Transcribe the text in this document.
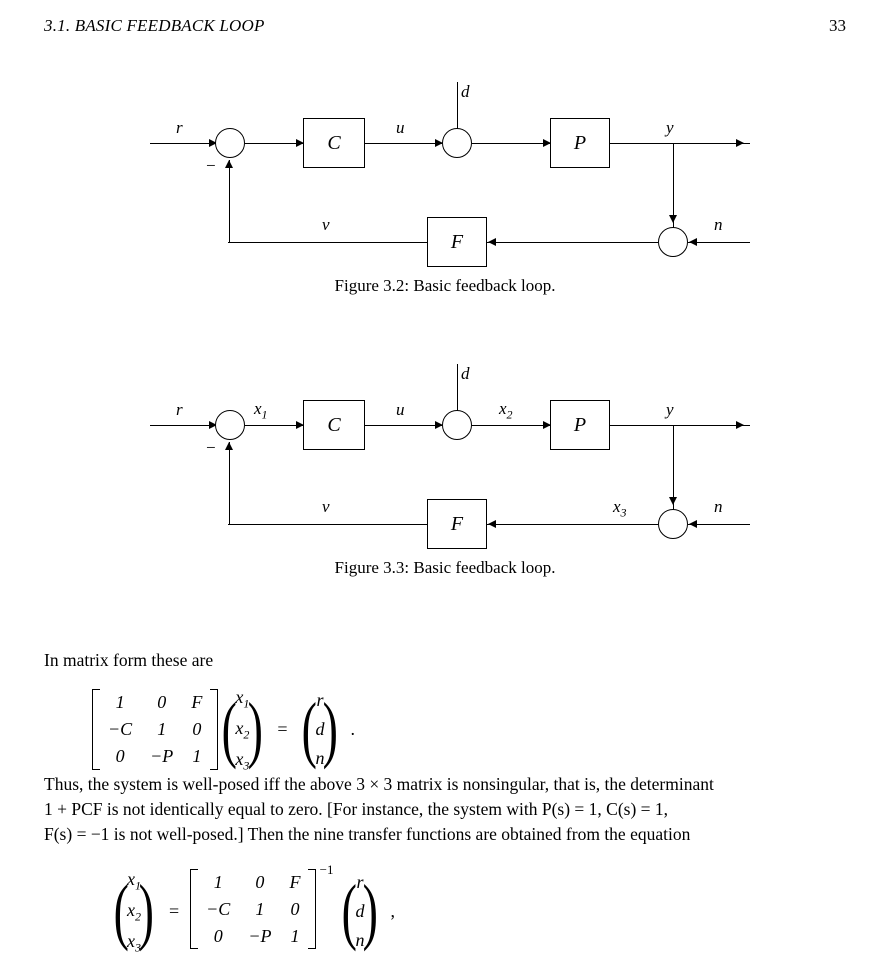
3.1. BASIC FEEDBACK LOOP	33
d
r
−
C
u
P
y
n
F
v
Figure 3.2: Basic feedback loop.
d
r
−
$x_1$	C
u	$x_2$	P
y
n
$x_3$
F
v
Figure 3.3: Basic feedback loop.
In matrix form these are
1	0	F
−C	1	0
0	−P	1
( $x_1$
$x_2$
$x_3$
)
=
( r
d
n
)
.
Thus, the system is well-posed iff the above 3 × 3 matrix is nonsingular, that is, the determinant
1 + PCF is not identically equal to zero. [For instance, the system with P(s) = 1, C(s) = 1,
F(s) = −1 is not well-posed.] Then the nine transfer functions are obtained from the equation
( $x_1$
$x_2$
$x_3$
)
=
1	0	F
−C	1	0
0	−P	1
−1
( r
d
n
)
,
